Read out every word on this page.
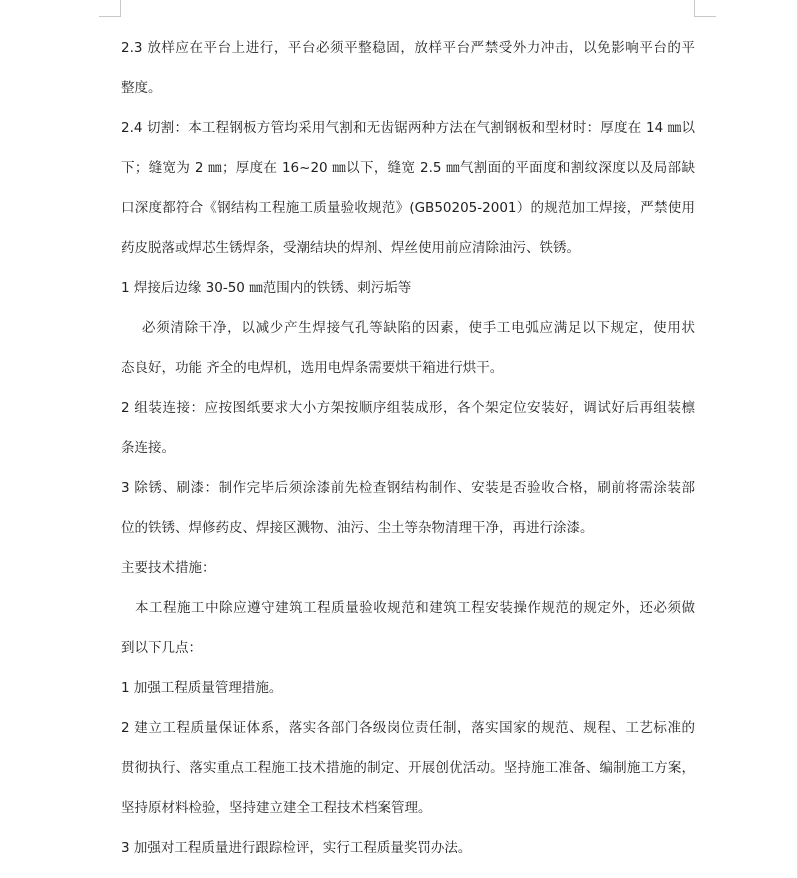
2.3 放样应在平台上进行，平台必须平整稳固，放样平台严禁受外力冲击，以免影响平台的平
整度。
2.4 切割：本工程钢板方管均采用气割和无齿锯两种方法在气割钢板和型材时：厚度在 14 ㎜以
下；缝宽为 2 ㎜；厚度在 16~20 ㎜以下，缝宽 2.5 ㎜气割面的平面度和割纹深度以及局部缺
口深度都符合《钢结构工程施工质量验收规范》(GB50205-2001）的规范加工焊接，严禁使用
药皮脱落或焊芯生锈焊条，受潮结块的焊剂、焊丝使用前应清除油污、铁锈。
1 焊接后边缘 30-50 ㎜范围内的铁锈、刺污垢等
必须清除干净，以减少产生焊接气孔等缺陷的因素，使手工电弧应满足以下规定，使用状
态良好，功能 齐全的电焊机，选用电焊条需要烘干箱进行烘干。
2 组装连接：应按图纸要求大小方架按顺序组装成形，各个架定位安装好，调试好后再组装檩
条连接。
3 除锈、刷漆：制作完毕后须涂漆前先检查钢结构制作、安装是否验收合格，刷前将需涂装部
位的铁锈、焊修药皮、焊接区溅物、油污、尘土等杂物清理干净，再进行涂漆。
主要技术措施：
本工程施工中除应遵守建筑工程质量验收规范和建筑工程安装操作规范的规定外，还必须做
到以下几点：
1 加强工程质量管理措施。
2 建立工程质量保证体系，落实各部门各级岗位责任制，落实国家的规范、规程、工艺标准的
贯彻执行、落实重点工程施工技术措施的制定、开展创优活动。坚持施工准备、编制施工方案，
坚持原材料检验，坚持建立建全工程技术档案管理。
3 加强对工程质量进行跟踪检评，实行工程质量奖罚办法。
